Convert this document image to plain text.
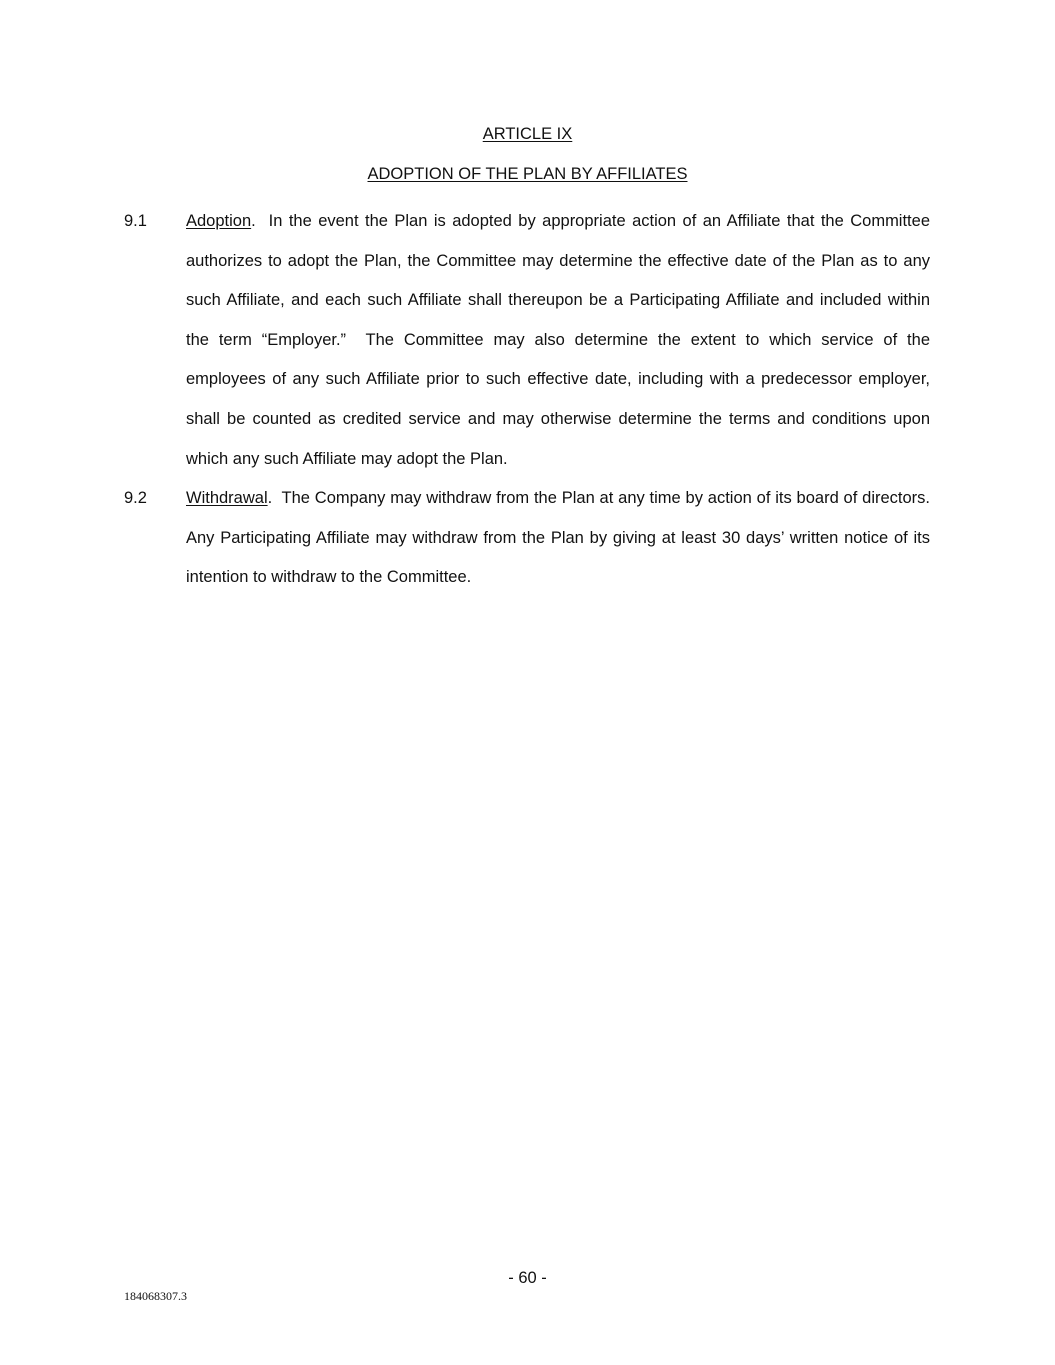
ARTICLE IX
ADOPTION OF THE PLAN BY AFFILIATES
9.1 Adoption.  In the event the Plan is adopted by appropriate action of an Affiliate that the Committee authorizes to adopt the Plan, the Committee may determine the effective date of the Plan as to any such Affiliate, and each such Affiliate shall thereupon be a Participating Affiliate and included within the term “Employer.”  The Committee may also determine the extent to which service of the employees of any such Affiliate prior to such effective date, including with a predecessor employer, shall be counted as credited service and may otherwise determine the terms and conditions upon which any such Affiliate may adopt the Plan.
9.2 Withdrawal.  The Company may withdraw from the Plan at any time by action of its board of directors.  Any Participating Affiliate may withdraw from the Plan by giving at least 30 days’ written notice of its intention to withdraw to the Committee.
- 60 -
184068307.3
